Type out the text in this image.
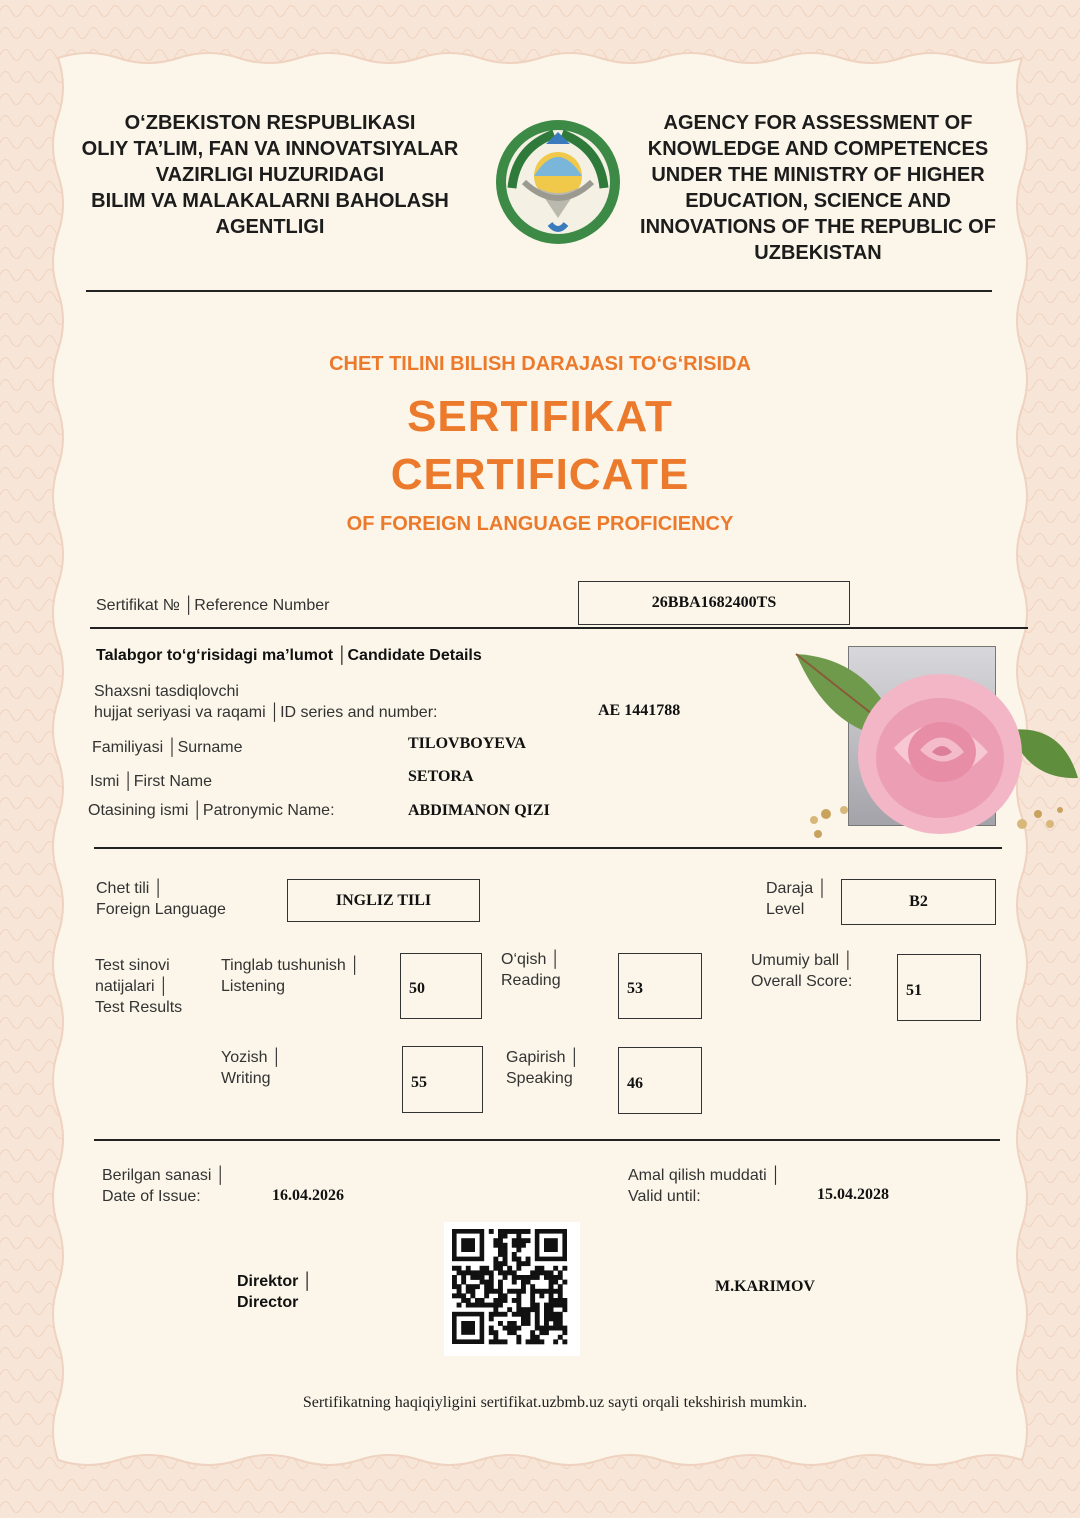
O‘ZBEKISTON RESPUBLIKASI
OLIY TA’LIM, FAN VA INNOVATSIYALAR
VAZIRLIGI HUZURIDAGI
BILIM VA MALAKALARNI BAHOLASH
AGENTLIGI
AGENCY FOR ASSESSMENT OF
KNOWLEDGE AND COMPETENCES
UNDER THE MINISTRY OF HIGHER
EDUCATION, SCIENCE AND
INNOVATIONS OF THE REPUBLIC OF
UZBEKISTAN
CHET TILINI BILISH DARAJASI TO‘G‘RISIDA
SERTIFIKAT
CERTIFICATE
OF FOREIGN LANGUAGE PROFICIENCY
Sertifikat № │Reference Number	26BBA1682400TS
Talabgor to‘g‘risidagi ma’lumot │Candidate Details
Shaxsni tasdiqlovchi
hujjat seriyasi va raqami │ID series and number:	AE 1441788
Familiyasi │Surname	TILOVBOYEVA
Ismi │First Name	SETORA
Otasining ismi │Patronymic Name:	ABDIMANON QIZI
Chet tili │
Foreign Language
INGLIZ TILI
Daraja │
Level	B2
Test sinovi
natijalari │
Test Results
Tinglab tushunish │
Listening	50
O‘qish │
Reading	53
Umumiy ball │
Overall Score:	51
Yozish │
Writing	55
Gapirish │
Speaking	46
Berilgan sanasi │
Date of Issue:	16.04.2026
Amal qilish muddati │
Valid until:	15.04.2028
Direktor │
Director
M.KARIMOV
Sertifikatning haqiqiyligini sertifikat.uzbmb.uz sayti orqali tekshirish mumkin.
